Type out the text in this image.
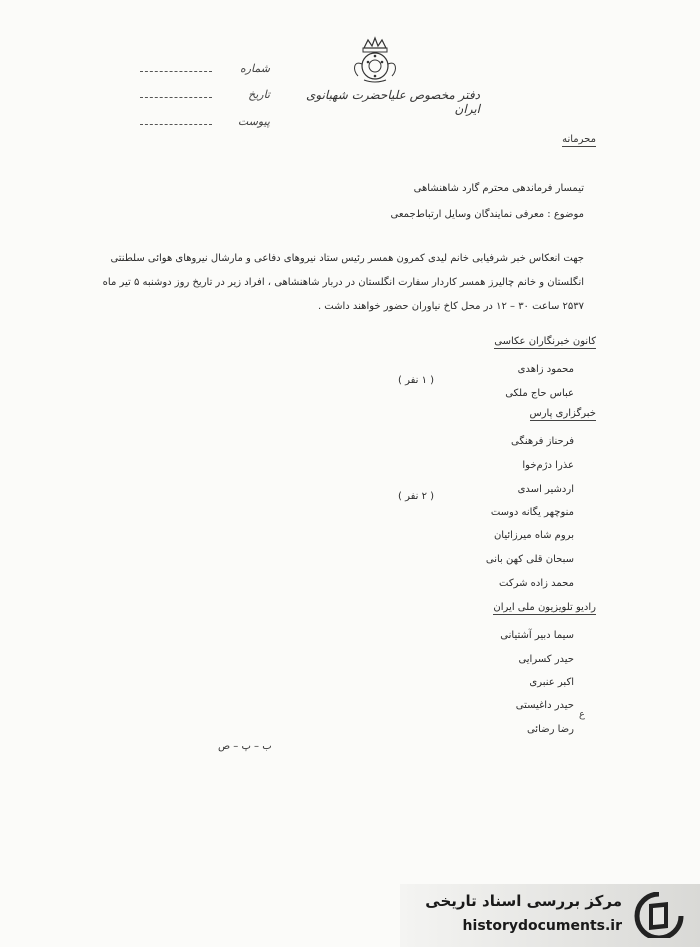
دفتر مخصوص علیاحضرت شهبانوی ایران
شماره
تاریخ
پیوست
محرمانه
تیمسار فرماندهی محترم گارد شاهنشاهی
موضوع : معرفی نمایندگان وسایل ارتباط‌جمعی
جهت انعکاس خبر شرفیابی خانم لیدی کمرون همسر رئیس ستاد نیروهای دفاعی و مارشال نیروهای هوائی سلطنتی
انگلستان و خانم چالیرز همسر کاردار سفارت انگلستان در دربار شاهنشاهی ، افراد زیر در تاریخ روز دوشنبه ۵ تیر ماه
۲۵۳۷ ساعت ۳۰ – ۱۲ در محل کاخ نیاوران حضور خواهند داشت .
کانون خبرنگاران عکاسی
محمود زاهدی
عباس حاج ملکی
( ۱ نفر )
خبرگزاری پارس
فرحناز فرهنگی
عذرا دژم‌خوا
اردشیر اسدی
منوچهر یگانه دوست
بروم شاه میرزائیان
سبحان قلی کهن بانی
محمد زاده شرکت
( ۲ نفر )
رادیو تلویزیون ملی ایران
سیما دبیر آشتیانی
حیدر کسرایی
اکبر عنبری
حیدر داغیستی
رضا رضائی
ع
ب – پ – ص
مرکز بررسی اسناد تاریخی
historydocuments.ir
